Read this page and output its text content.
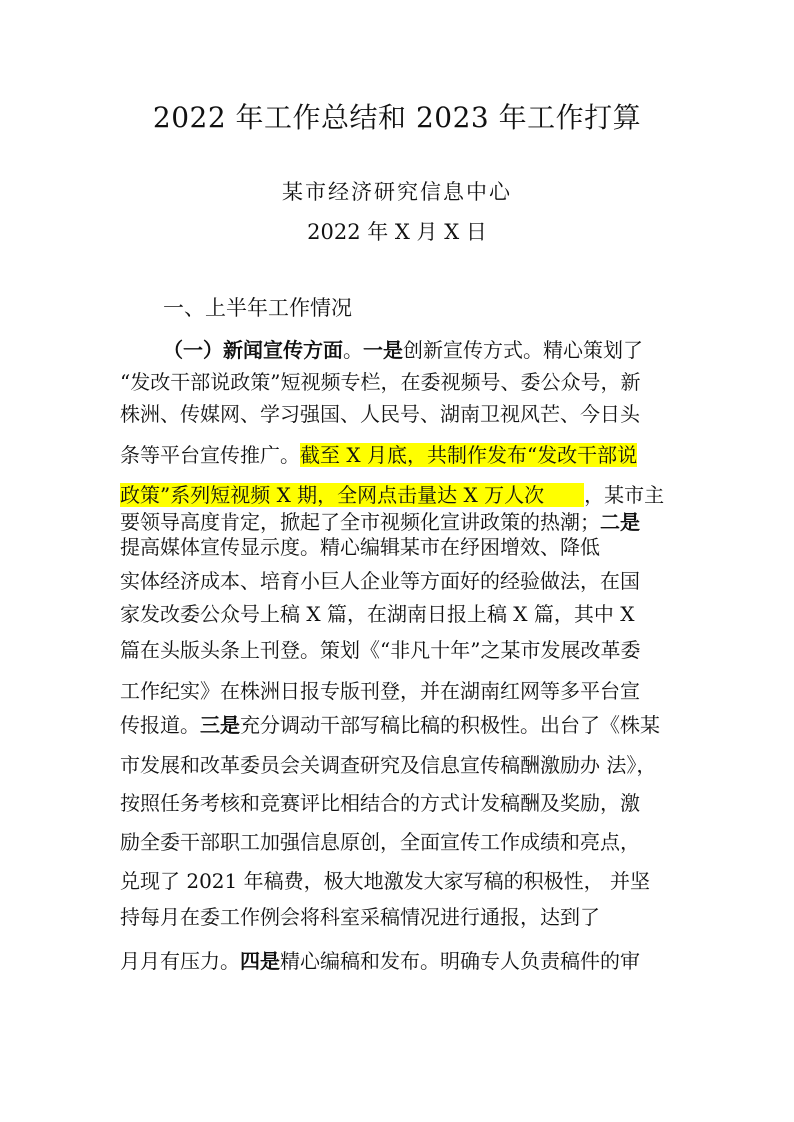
2022 年工作总结和 2023 年工作打算
某市经济研究信息中心
2022 年 X 月 X 日
一、上半年工作情况
（一）新闻宣传方面。一是创新宣传方式。精心策划了
“发改干部说政策”短视频专栏，在委视频号、委公众号，新
株洲、传媒网、学习强国、人民号、湖南卫视风芒、今日头
条等平台宣传推广。截至 X 月底，共制作发布“发改干部说
政策”系列短视频 X 期，全网点击量达 X 万人次　　，某市主
要领导高度肯定，掀起了全市视频化宣讲政策的热潮；二是
提高媒体宣传显示度。精心编辑某市在纾困增效、降低
实体经济成本、培育小巨人企业等方面好的经验做法，在国
家发改委公众号上稿 X 篇，在湖南日报上稿 X 篇，其中 X
篇在头版头条上刊登。策划《“非凡十年”之某市发展改革委
工作纪实》在株洲日报专版刊登，并在湖南红网等多平台宣
传报道。三是充分调动干部写稿比稿的积极性。出台了《株某
市发展和改革委员会关调查研究及信息宣传稿酬激励办 法》，
按照任务考核和竞赛评比相结合的方式计发稿酬及奖励，激
励全委干部职工加强信息原创，全面宣传工作成绩和亮点，
兑现了 2021 年稿费，极大地激发大家写稿的积极性， 并坚
持每月在委工作例会将科室采稿情况进行通报，达到了
月月有压力。四是精心编稿和发布。明确专人负责稿件的审
